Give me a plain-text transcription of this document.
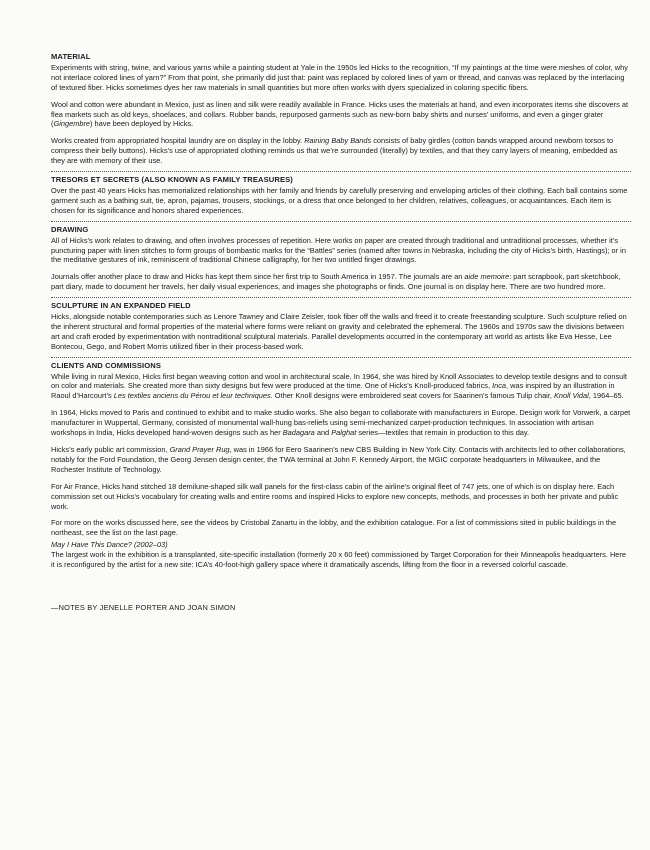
MATERIAL

Experiments with string, twine, and various yarns while a painting student at Yale in the 1950s led Hicks to the recognition, “If my paintings at the time were meshes of color, why not interlace colored lines of yarn?” From that point, she primarily did just that: paint was replaced by colored lines of yarn or thread, and canvas was replaced by the interlacing of textured fiber. Hicks sometimes dyes her raw materials in small quantities but more often works with dyers specialized in coloring specific fibers.

Wool and cotton were abundant in Mexico, just as linen and silk were readily available in France. Hicks uses the materials at hand, and even incorporates items she discovers at flea markets such as old keys, shoelaces, and collars. Rubber bands, repurposed garments such as new-born baby shirts and nurses’ uniforms, and even a ginger grater (Gingembre) have been deployed by Hicks.

Works created from appropriated hospital laundry are on display in the lobby. Raining Baby Bands consists of baby girdles (cotton bands wrapped around newborn torsos to compress their belly buttons). Hicks’s use of appropriated clothing reminds us that we’re surrounded (literally) by textiles, and that they carry layers of meaning, embedded as they are with memory of their use.

TRESORS ET SECRETS (ALSO KNOWN AS FAMILY TREASURES)

Over the past 40 years Hicks has memorialized relationships with her family and friends by carefully preserving and enveloping articles of their clothing. Each ball contains some garment such as a bathing suit, tie, apron, pajamas, trousers, stockings, or a dress that once belonged to her children, relatives, colleagues, or acquaintances. Each item is chosen for its significance and honors shared experiences.

DRAWING

All of Hicks’s work relates to drawing, and often involves processes of repetition. Here works on paper are created through traditional and untraditional processes, whether it’s puncturing paper with linen stitches to form groups of bombastic marks for the “Battles” series (named after towns in Nebraska, including the city of Hicks’s birth, Hastings); or in the meditative gestures of ink, reminiscent of traditional Chinese calligraphy, for her two untitled finger drawings.

Journals offer another place to draw and Hicks has kept them since her first trip to South America in 1957. The journals are an aide memoire: part scrapbook, part sketchbook, part diary, made to document her travels, her daily visual experiences, and images she photographs or finds. One journal is on display here. There are two hundred more.

SCULPTURE IN AN EXPANDED FIELD

Hicks, alongside notable contemporaries such as Lenore Tawney and Claire Zeisler, took fiber off the walls and freed it to create freestanding sculpture. Such sculpture relied on the inherent structural and formal properties of the material where forms were reliant on gravity and celebrated the ephemeral. The 1960s and 1970s saw the divisions between art and craft eroded by experimentation with nontraditional sculptural materials. Parallel developments occurred in the contemporary art world as artists like Eva Hesse, Lee Bontecou, Gego, and Robert Morris utilized fiber in their process-based work.

CLIENTS AND COMMISSIONS

While living in rural Mexico, Hicks first began weaving cotton and wool in architectural scale. In 1964, she was hired by Knoll Associates to develop textile designs and to consult on color and materials. She created more than sixty designs but few were produced at the time. One of Hicks’s Knoll-produced fabrics, Inca, was inspired by an illustration in Raoul d’Harcourt’s Les textiles anciens du Pérou et leur techniques. Other Knoll designs were embroidered seat covers for Saarinen’s famous Tulip chair, Knoll Vidal, 1964–65.

In 1964, Hicks moved to Paris and continued to exhibit and to make studio works. She also began to collaborate with manufacturers in Europe. Design work for Vorwerk, a carpet manufacturer in Wuppertal, Germany, consisted of monumental wall-hung bas-reliefs using semi-mechanized carpet-production techniques. In association with artisan workshops in India, Hicks developed hand-woven designs such as her Badagara and Palghat series—textiles that remain in production to this day.

Hicks’s early public art commission, Grand Prayer Rug, was in 1966 for Eero Saarinen’s new CBS Building in New York City. Contacts with architects led to other collaborations, notably for the Ford Foundation, the Georg Jensen design center, the TWA terminal at John F. Kennedy Airport, the MGIC corporate headquarters in Milwaukee, and the Rochester Institute of Technology.

For Air France, Hicks hand stitched 18 demilune-shaped silk wall panels for the first-class cabin of the airline’s original fleet of 747 jets, one of which is on display here. Each commission set out Hicks’s vocabulary for creating walls and entire rooms and inspired Hicks to explore new concepts, methods, and processes in both her private and public work.

For more on the works discussed here, see the videos by Cristobal Zanartu in the lobby, and the exhibition catalogue. For a list of commissions sited in public buildings in the northeast, see the list on the last page.

May I Have This Dance? (2002–03)

The largest work in the exhibition is a transplanted, site-specific installation (formerly 20 x 60 feet) commissioned by Target Corporation for their Minneapolis headquarters. Here it is reconfigured by the artist for a new site: ICA’s 40-foot-high gallery space where it dramatically ascends, lifting from the floor in a reversed colorful cascade.

—NOTES BY JENELLE PORTER AND JOAN SIMON
